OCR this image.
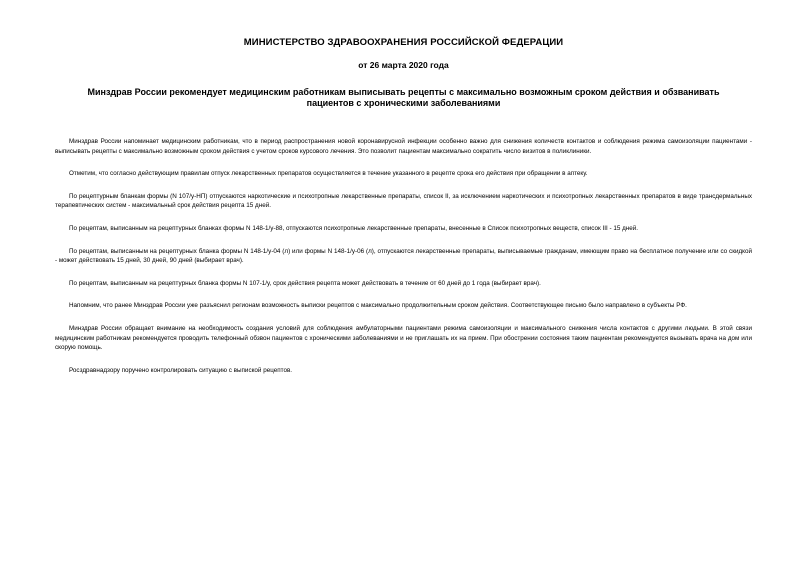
МИНИСТЕРСТВО ЗДРАВООХРАНЕНИЯ РОССИЙСКОЙ ФЕДЕРАЦИИ
от 26 марта 2020 года
Минздрав России рекомендует медицинским работникам выписывать рецепты с максимально возможным сроком действия и обзванивать пациентов с хроническими заболеваниями

Минздрав России напоминает медицинским работникам, что в период распространения новой коронавирусной инфекции особенно важно для снижения количеств контактов и соблюдения режима самоизоляции пациентами - выписывать рецепты с максимально возможным сроком действия с учетом сроков курсового лечения. Это позволит пациентам максимально сократить число визитов в поликлиники.

Отметим, что согласно действующим правилам отпуск лекарственных препаратов осуществляется в течение указанного в рецепте срока его действия при обращении в аптеку.

По рецептурным бланкам формы (N 107/у-НП) отпускаются наркотические и психотропные лекарственные препараты, список II, за исключением наркотических и психотропных лекарственных препаратов в виде трансдермальных терапевтических систем - максимальный срок действия рецепта 15 дней.

По рецептам, выписанным на рецептурных бланках формы N 148-1/у-88, отпускаются психотропные лекарственные препараты, внесенные в Список психотропных веществ, список III - 15 дней.

По рецептам, выписанным на рецептурных бланка формы N 148-1/у-04 (л) или формы N 148-1/у-06 (л), отпускаются лекарственные препараты, выписываемые гражданам, имеющим право на бесплатное получение или со скидкой - может действовать 15 дней, 30 дней, 90 дней (выбирает врач).

По рецептам, выписанным на рецептурных бланка формы N 107-1/у, срок действия рецепта может действовать в течение от 60 дней до 1 года (выбирает врач).

Напомним, что ранее Минздрав России уже разъяснил регионам возможность выписки рецептов с максимально продолжительным сроком действия. Соответствующее письмо было направлено в субъекты РФ.

Минздрав России обращает внимание на необходимость создания условий для соблюдения амбулаторными пациентами режима самоизоляции и максимального снижения числа контактов с другими людьми. В этой связи медицинским работникам рекомендуется проводить телефонный обзвон пациентов с хроническими заболеваниями и не приглашать их на прием. При обострении состояния таким пациентам рекомендуется вызывать врача на дом или скорую помощь.

Росздравнадзору поручено контролировать ситуацию с выпиской рецептов.
